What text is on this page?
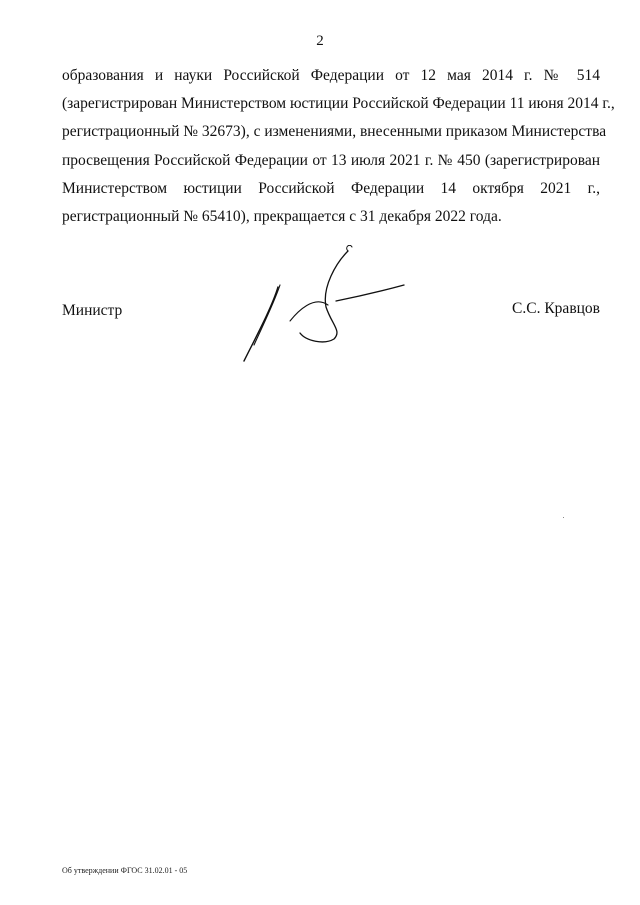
2
образования и науки Российской Федерации от 12 мая 2014 г. № 514
(зарегистрирован Министерством юстиции Российской Федерации 11 июня 2014 г.,
регистрационный № 32673), с изменениями, внесенными приказом Министерства
просвещения Российской Федерации от 13 июля 2021 г. № 450 (зарегистрирован
Министерством юстиции Российской Федерации 14 октября 2021 г.,
регистрационный № 65410), прекращается с 31 декабря 2022 года.
Министр	С.С. Кравцов
Об утверждении ФГОС 31.02.01 - 05
